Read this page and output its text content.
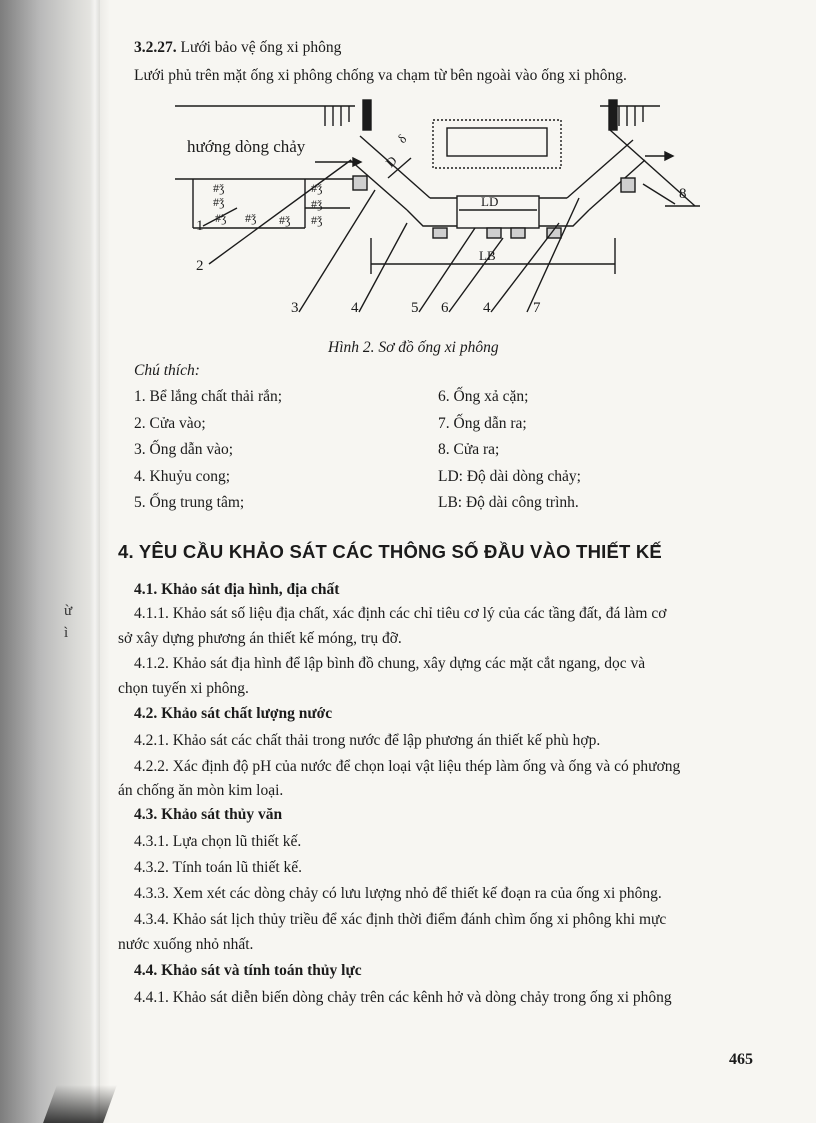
ừ
ì
3.2.27. Lưới bảo vệ ống xi phông
Lưới phủ trên mặt ống xi phông chống va chạm từ bên ngoài vào ống xi phông.
#ǯ
#ǯ
#ǯ #ǯ #ǯ
#ǯ
#ǯ
#ǯ
hướng dòng chảy	δ
D
LD
LB
1
2
3	4	5 6 4	7
8
Hình 2. Sơ đồ ống xi phông
Chú thích:
1. Bể lắng chất thải rắn;
2. Cửa vào;
3. Ống dẫn vào;
4. Khuỷu cong;
5. Ống trung tâm;
6. Ống xả cặn;
7. Ống dẫn ra;
8. Cửa ra;
LD: Độ dài dòng chảy;
LB: Độ dài công trình.
4. YÊU CẦU KHẢO SÁT CÁC THÔNG SỐ ĐẦU VÀO THIẾT KẾ
4.1. Khảo sát địa hình, địa chất
4.1.1. Khảo sát số liệu địa chất, xác định các chỉ tiêu cơ lý của các tầng đất, đá làm cơ
sở xây dựng phương án thiết kế móng, trụ đỡ.
4.1.2. Khảo sát địa hình để lập bình đồ chung, xây dựng các mặt cắt ngang, dọc và
chọn tuyến xi phông.
4.2. Khảo sát chất lượng nước
4.2.1. Khảo sát các chất thải trong nước để lập phương án thiết kế phù hợp.
4.2.2. Xác định độ pH của nước để chọn loại vật liệu thép làm ống và ống và có phương
án chống ăn mòn kim loại.
4.3. Khảo sát thủy văn
4.3.1. Lựa chọn lũ thiết kế.
4.3.2. Tính toán lũ thiết kế.
4.3.3. Xem xét các dòng chảy có lưu lượng nhỏ để thiết kế đoạn ra của ống xi phông.
4.3.4. Khảo sát lịch thủy triều để xác định thời điểm đánh chìm ống xi phông khi mực
nước xuống nhỏ nhất.
4.4. Khảo sát và tính toán thủy lực
4.4.1. Khảo sát diễn biến dòng chảy trên các kênh hở và dòng chảy trong ống xi phông
465
